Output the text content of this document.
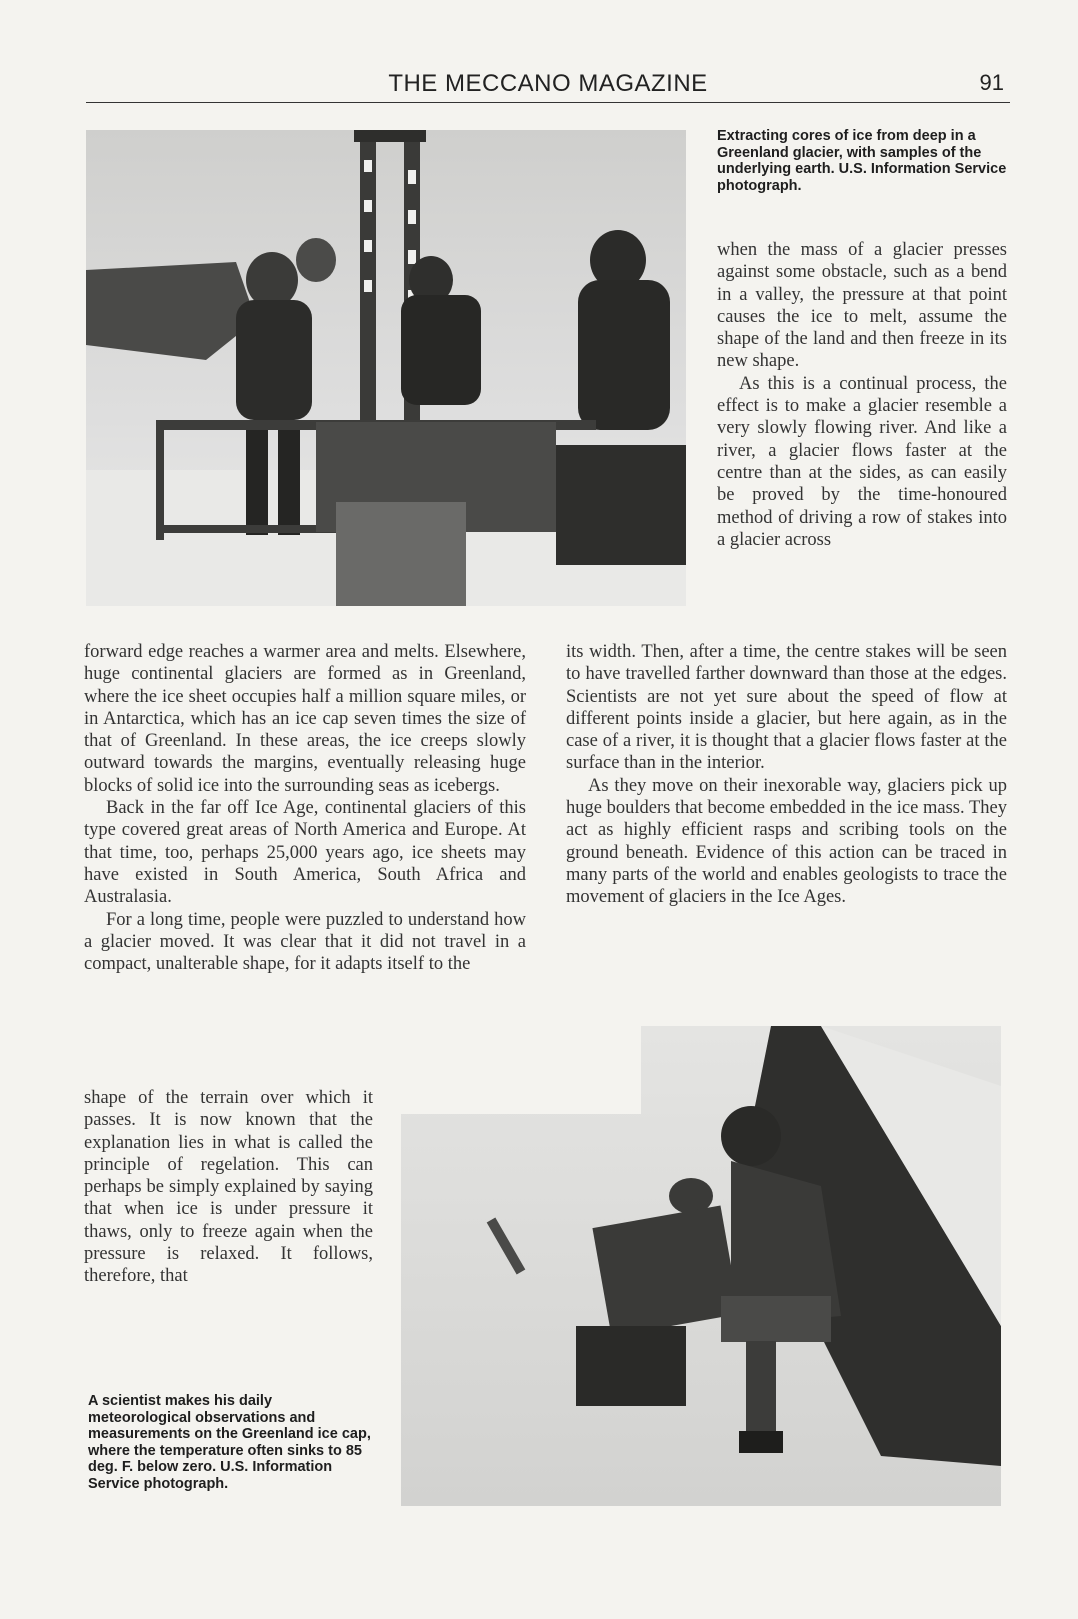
THE MECCANO MAGAZINE	91

Extracting cores of ice from deep in a Greenland glacier, with samples of the underlying earth. U.S. Information Service photograph.

when the mass of a glacier presses against some obstacle, such as a bend in a valley, the pressure at that point causes the ice to melt, assume the shape of the land and then freeze in its new shape.

As this is a continual process, the effect is to make a glacier resemble a very slowly flowing river. And like a river, a glacier flows faster at the centre than at the sides, as can easily be proved by the time-honoured method of driving a row of stakes into a glacier across

forward edge reaches a warmer area and melts. Elsewhere, huge continental glaciers are formed as in Greenland, where the ice sheet occupies half a million square miles, or in Antarctica, which has an ice cap seven times the size of that of Greenland. In these areas, the ice creeps slowly outward towards the margins, eventually releasing huge blocks of solid ice into the surrounding seas as icebergs.

Back in the far off Ice Age, continental glaciers of this type covered great areas of North America and Europe. At that time, too, perhaps 25,000 years ago, ice sheets may have existed in South America, South Africa and Australasia.

For a long time, people were puzzled to understand how a glacier moved. It was clear that it did not travel in a compact, unalterable shape, for it adapts itself to the

shape of the terrain over which it passes. It is now known that the explanation lies in what is called the principle of regelation. This can perhaps be simply explained by saying that when ice is under pressure it thaws, only to freeze again when the pressure is relaxed. It follows, therefore, that

its width. Then, after a time, the centre stakes will be seen to have travelled farther downward than those at the edges. Scientists are not yet sure about the speed of flow at different points inside a glacier, but here again, as in the case of a river, it is thought that a glacier flows faster at the surface than in the interior.

As they move on their inexorable way, glaciers pick up huge boulders that become embedded in the ice mass. They act as highly efficient rasps and scribing tools on the ground beneath. Evidence of this action can be traced in many parts of the world and enables geologists to trace the movement of glaciers in the Ice Ages.

A scientist makes his daily meteorological observations and measurements on the Greenland ice cap, where the temperature often sinks to 85 deg. F. below zero. U.S. Information Service photograph.
